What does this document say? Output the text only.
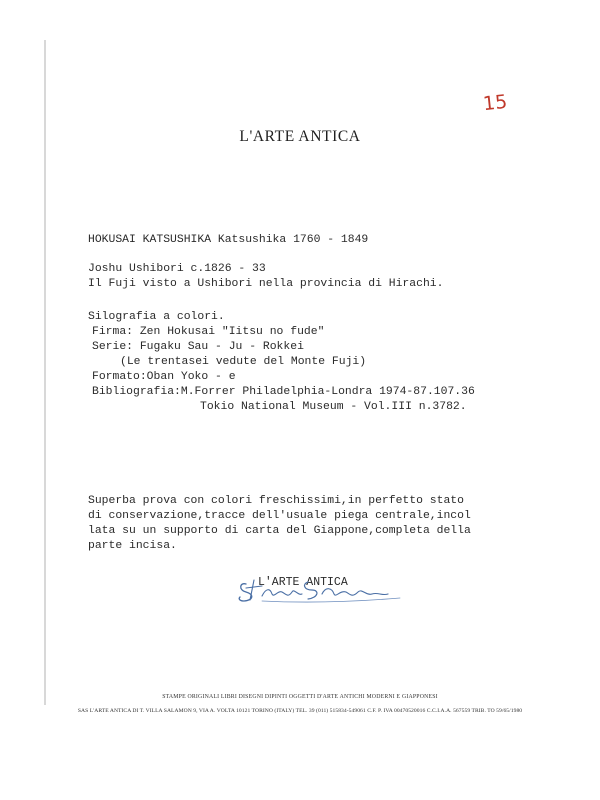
15
L'ARTE ANTICA
HOKUSAI KATSUSHIKA Katsushika 1760 - 1849
Joshu Ushibori c.1826 - 33
Il Fuji visto a Ushibori nella provincia di Hirachi.
Silografia a colori.
Firma: Zen Hokusai "Iitsu no fude"
Serie: Fugaku Sau - Ju - Rokkei
(Le trentasei vedute del Monte Fuji)
Formato:Oban Yoko - e
Bibliografia:M.Forrer Philadelphia-Londra 1974-87.107.36
Tokio National Museum - Vol.III n.3782.
Superba prova con colori freschissimi,in perfetto stato
di conservazione,tracce dell'usuale piega centrale,incol
lata su un supporto di carta del Giappone,completa della
parte incisa.
L'ARTE ANTICA
STAMPE ORIGINALI LIBRI DISEGNI DIPINTI OGGETTI D'ARTE ANTICHI MODERNI E GIAPPONESI
SAS L'ARTE ANTICA DI T. VILLA SALAMON 9, VIA A. VOLTA 10121 TORINO (ITALY) TEL. 39 (011) 515834-549061 C.F. P. IVA 00470520016 C.C.I.A.A. 567559 TRIB. TO 59/65/1980
